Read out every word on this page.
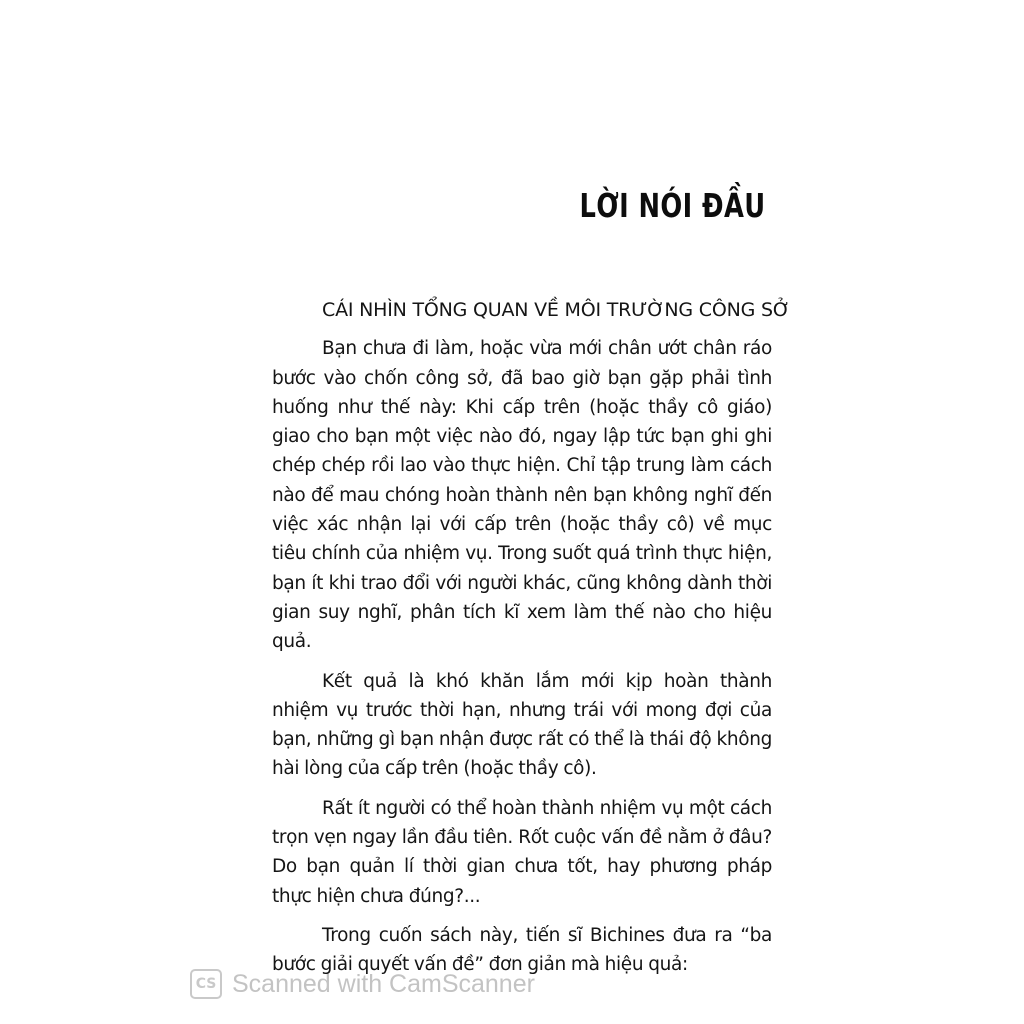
LỜI NÓI ĐẦU
CÁI NHÌN TỔNG QUAN VỀ MÔI TRƯỜNG CÔNG SỞ

Bạn chưa đi làm, hoặc vừa mới chân ướt chân ráo bước vào chốn công sở, đã bao giờ bạn gặp phải tình huống như thế này: Khi cấp trên (hoặc thầy cô giáo) giao cho bạn một việc nào đó, ngay lập tức bạn ghi ghi chép chép rồi lao vào thực hiện. Chỉ tập trung làm cách nào để mau chóng hoàn thành nên bạn không nghĩ đến việc xác nhận lại với cấp trên (hoặc thầy cô) về mục tiêu chính của nhiệm vụ. Trong suốt quá trình thực hiện, bạn ít khi trao đổi với người khác, cũng không dành thời gian suy nghĩ, phân tích kĩ xem làm thế nào cho hiệu quả.

Kết quả là khó khăn lắm mới kịp hoàn thành nhiệm vụ trước thời hạn, nhưng trái với mong đợi của bạn, những gì bạn nhận được rất có thể là thái độ không hài lòng của cấp trên (hoặc thầy cô).

Rất ít người có thể hoàn thành nhiệm vụ một cách trọn vẹn ngay lần đầu tiên. Rốt cuộc vấn đề nằm ở đâu? Do bạn quản lí thời gian chưa tốt, hay phương pháp thực hiện chưa đúng?...

Trong cuốn sách này, tiến sĩ Bichines đưa ra “ba bước giải quyết vấn đề” đơn giản mà hiệu quả:

CS Scanned with CamScanner
